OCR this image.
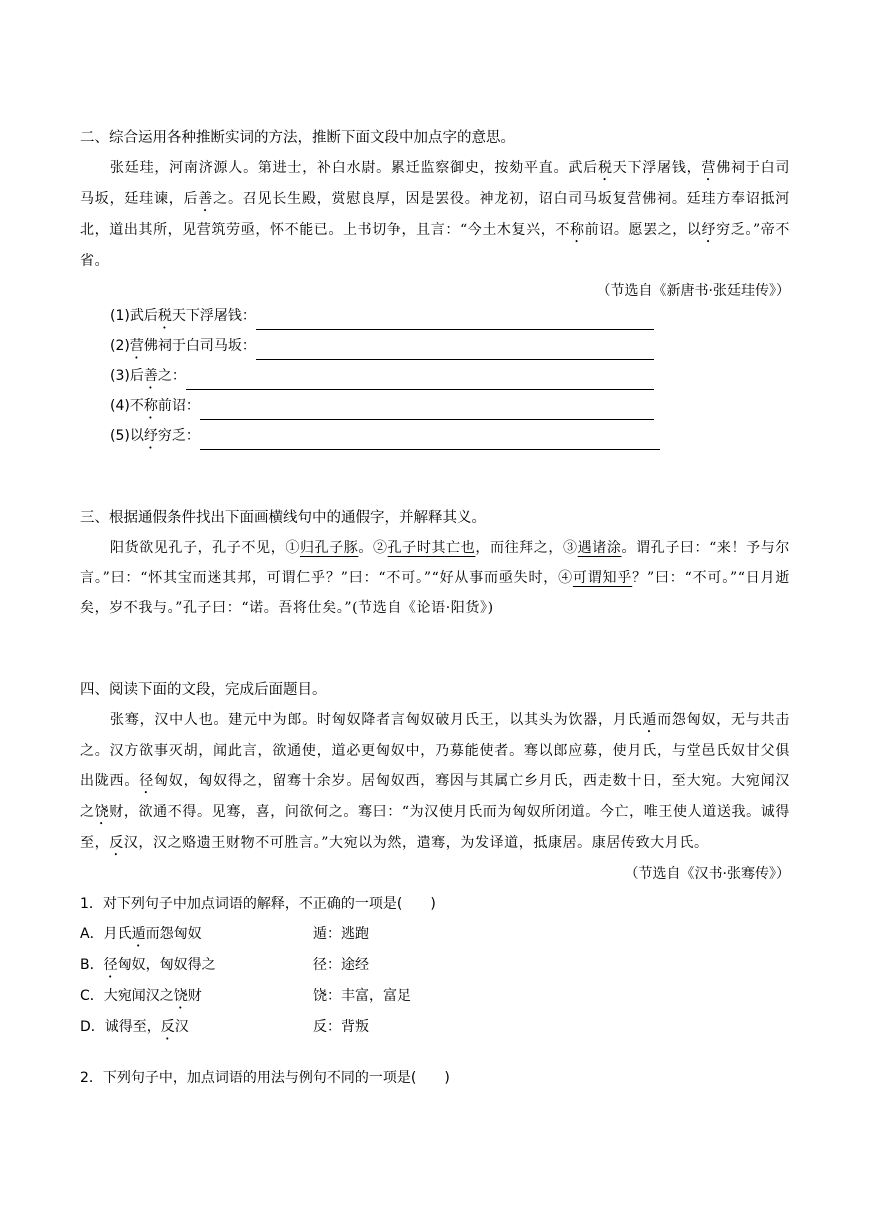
二、综合运用各种推断实词的方法，推断下面文段中加点字的意思。
张廷珪，河南济源人。第进士，补白水尉。累迁监察御史，按劾平直。武后税天下浮屠钱，营佛祠于白司马坂，廷珪谏，后善之。召见长生殿，赏慰良厚，因是罢役。神龙初，诏白司马坂复营佛祠。廷珪方奉诏抵河北，道出其所，见营筑劳亟，怀不能已。上书切争，且言：“今土木复兴，不称前诏。愿罢之，以纾穷乏。”帝不省。
（节选自《新唐书·张廷珪传》）
(1)武后税天下浮屠钱：
(2)营佛祠于白司马坂：
(3)后善之：
(4)不称前诏：
(5)以纾穷乏：
三、根据通假条件找出下面画横线句中的通假字，并解释其义。
阳货欲见孔子，孔子不见，①归孔子豚。②孔子时其亡也，而往拜之，③遇诸涂。谓孔子曰：“来！予与尔言。”曰：“怀其宝而迷其邦，可谓仁乎？”曰：“不可。”“好从事而亟失时，④可谓知乎？”曰：“不可。”“日月逝矣，岁不我与。”孔子曰：“诺。吾将仕矣。”(节选自《论语·阳货》)
四、阅读下面的文段，完成后面题目。
张骞，汉中人也。建元中为郎。时匈奴降者言匈奴破月氏王，以其头为饮器，月氏遁而怨匈奴，无与共击之。汉方欲事灭胡，闻此言，欲通使，道必更匈奴中，乃募能使者。骞以郎应募，使月氏，与堂邑氏奴甘父俱出陇西。径匈奴，匈奴得之，留骞十余岁。居匈奴西，骞因与其属亡乡月氏，西走数十日，至大宛。大宛闻汉之饶财，欲通不得。见骞，喜，问欲何之。骞曰：“为汉使月氏而为匈奴所闭道。今亡，唯王使人道送我。诚得至，反汉，汉之赂遗王财物不可胜言。”大宛以为然，遣骞，为发译道，抵康居。康居传致大月氏。
（节选自《汉书·张骞传》）
1．对下列句子中加点词语的解释，不正确的一项是(　　)
A．月氏遁而怨匈奴	遁：逃跑
B．径匈奴，匈奴得之	径：途经
C．大宛闻汉之饶财	饶：丰富，富足
D．诚得至，反汉	反：背叛
2．下列句子中，加点词语的用法与例句不同的一项是(　　)
